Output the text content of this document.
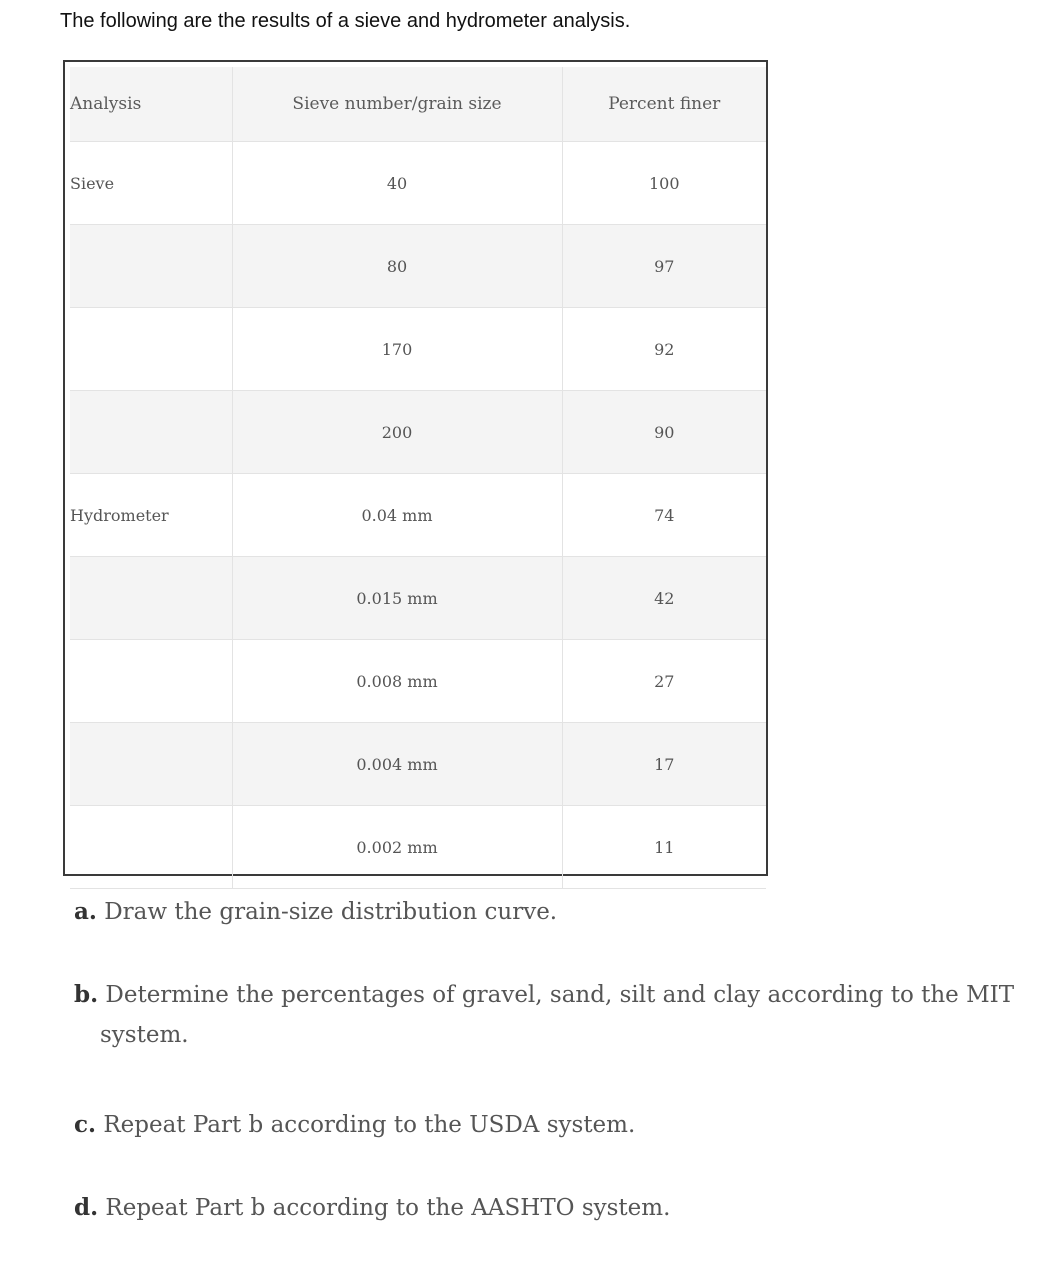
The following are the results of a sieve and hydrometer analysis.
Analysis	Sieve number/grain size	Percent finer
Sieve	40	100
	80	97
	170	92
	200	90
Hydrometer	0.04 mm	74
	0.015 mm	42
	0.008 mm	27
	0.004 mm	17
	0.002 mm	11
a. Draw the grain-size distribution curve.
b. Determine the percentages of gravel, sand, silt and clay according to the MIT
system.
c. Repeat Part b according to the USDA system.
d. Repeat Part b according to the AASHTO system.
